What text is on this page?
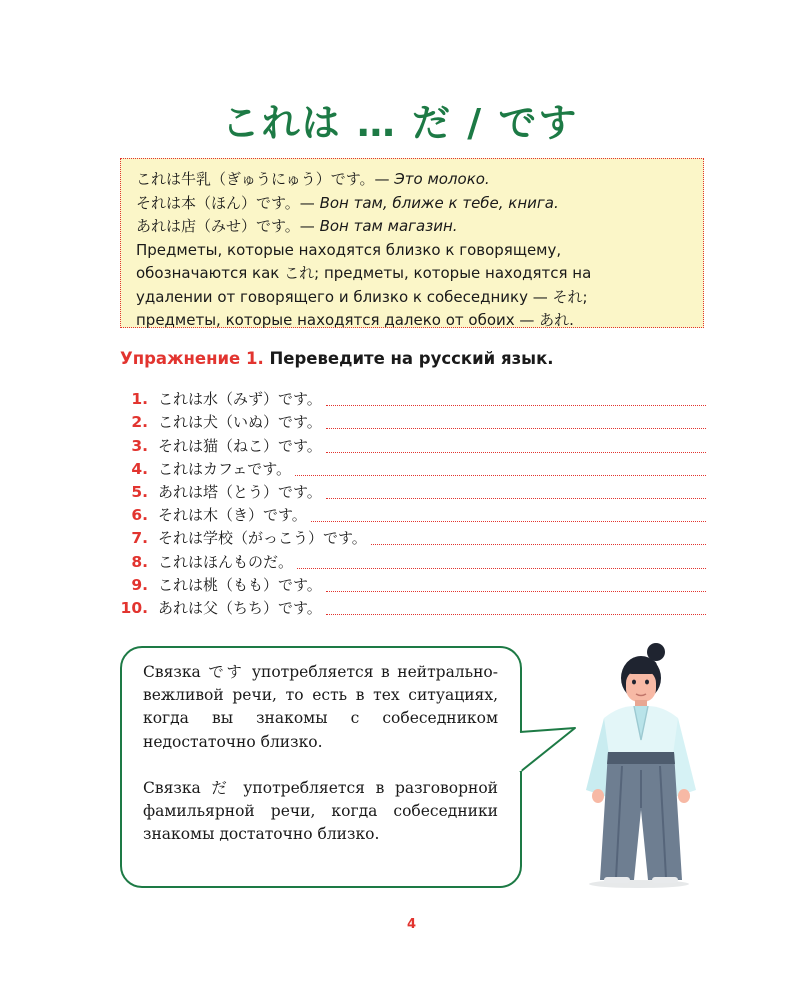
これは … だ / です
これは牛乳（ぎゅうにゅう）です。— Это молоко.
それは本（ほん）です。— Вон там, ближе к тебе, книга.
あれは店（みせ）です。— Вон там магазин.
Предметы, которые находятся близко к говорящему,
обозначаются как これ; предметы, которые находятся на
удалении от говорящего и близко к собеседнику — それ;
предметы, которые находятся далеко от обоих — あれ.
Упражнение 1. Переведите на русский язык.
1. これは水（みず）です。
2. これは犬（いぬ）です。
3. それは猫（ねこ）です。
4. これはカフェです。
5. あれは塔（とう）です。
6. それは木（き）です。
7. それは学校（がっこう）です。
8. これはほんものだ。
9. これは桃（もも）です。
10. あれは父（ちち）です。

Связка です употребляется в нейтрально-вежливой речи, то есть в тех ситуациях, когда вы знакомы с собеседником недостаточно близко.

Связка だ употребляется в разговорной фамильярной речи, когда собеседники знакомы достаточно близко.

4
